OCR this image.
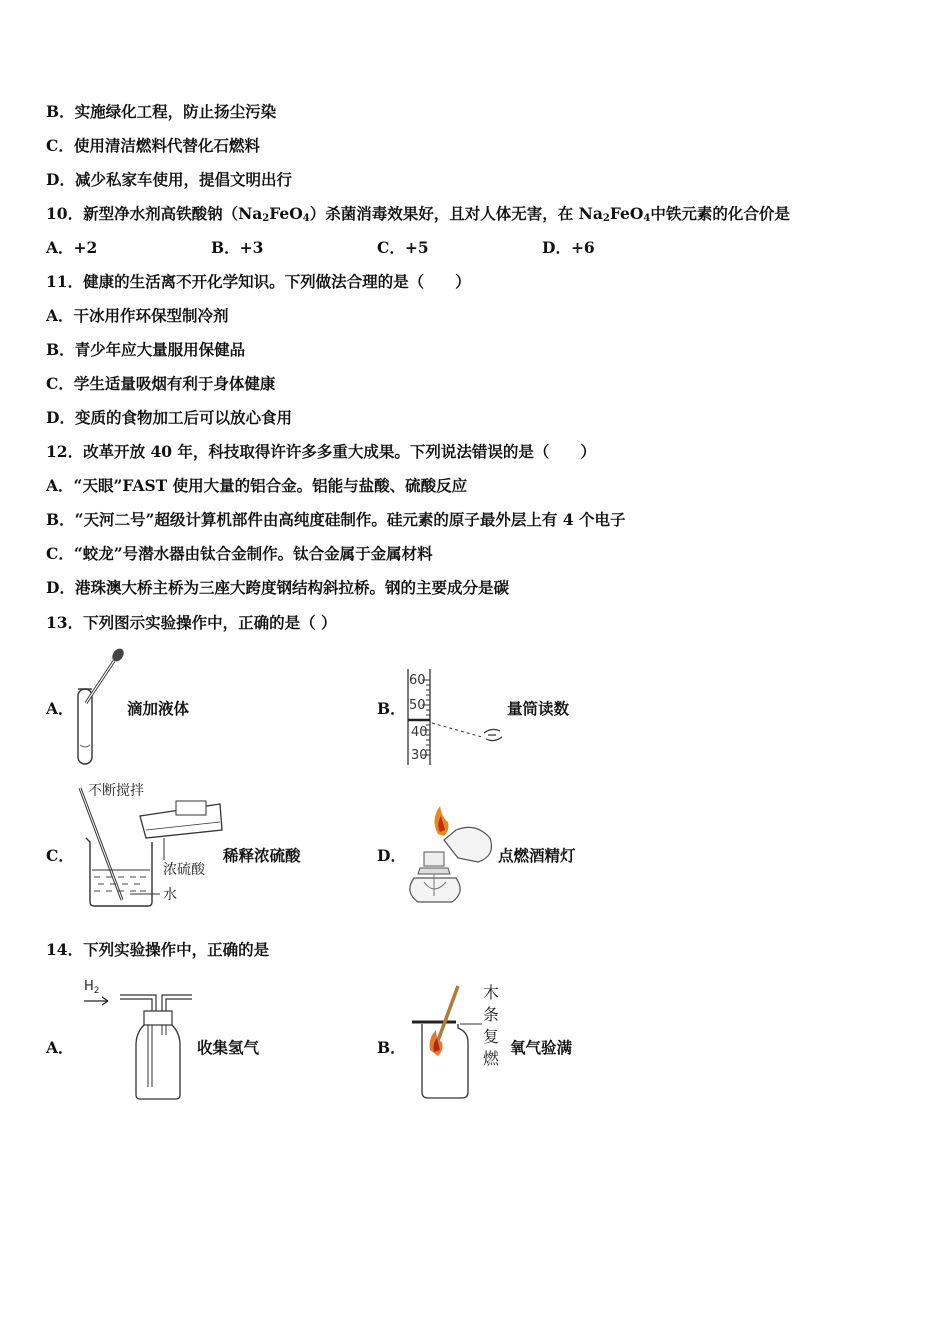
B．实施绿化工程，防止扬尘污染
C．使用清洁燃料代替化石燃料
D．减少私家车使用，提倡文明出行
10．新型净水剂高铁酸钠$(Na_2FeO_4)$杀菌消毒效果好，且对人体无害，在 $Na_2FeO_4$中铁元素的化合价是
A．+2	B．+3	C．+5	D．+6
11．健康的生活离不开化学知识。下列做法合理的是（　　）
A．干冰用作环保型制冷剂
B．青少年应大量服用保健品
C．学生适量吸烟有利于身体健康
D．变质的食物加工后可以放心食用
12．改革开放 40 年，科技取得许许多多重大成果。下列说法错误的是（　　）
A．“天眼”FAST 使用大量的铝合金。铝能与盐酸、硫酸反应
B．“天河二号”超级计算机部件由高纯度硅制作。硅元素的原子最外层上有 4 个电子
C．“蛟龙”号潜水器由钛合金制作。钛合金属于金属材料
D．港珠澳大桥主桥为三座大跨度钢结构斜拉桥。钢的主要成分是碳
13．下列图示实验操作中，正确的是（ ）
A．	滴加液体	B．
60
50
40
30
量筒读数
C．
不断搅拌
浓硫酸
水
稀释浓硫酸	D．	点燃酒精灯
14．下列实验操作中，正确的是
A．
$H_2$
收集氢气	B．
木
条
复
燃
氧气验满
